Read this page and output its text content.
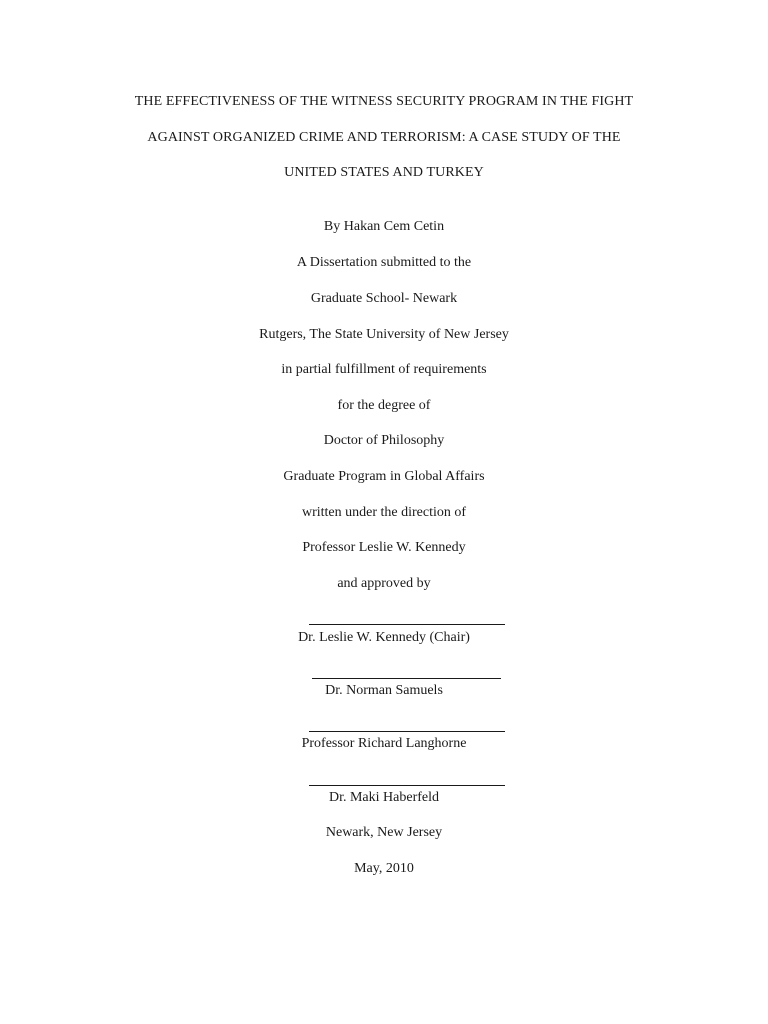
THE EFFECTIVENESS OF THE WITNESS SECURITY PROGRAM IN THE FIGHT
AGAINST ORGANIZED CRIME AND TERRORISM: A CASE STUDY OF THE
UNITED STATES AND TURKEY
By Hakan Cem Cetin
A Dissertation submitted to the
Graduate School- Newark
Rutgers, The State University of New Jersey
in partial fulfillment of requirements
for the degree of
Doctor of Philosophy
Graduate Program in Global Affairs
written under the direction of
Professor Leslie W. Kennedy
and approved by
Dr. Leslie W. Kennedy (Chair)
Dr. Norman Samuels
Professor Richard Langhorne
Dr. Maki Haberfeld
Newark, New Jersey
May, 2010
